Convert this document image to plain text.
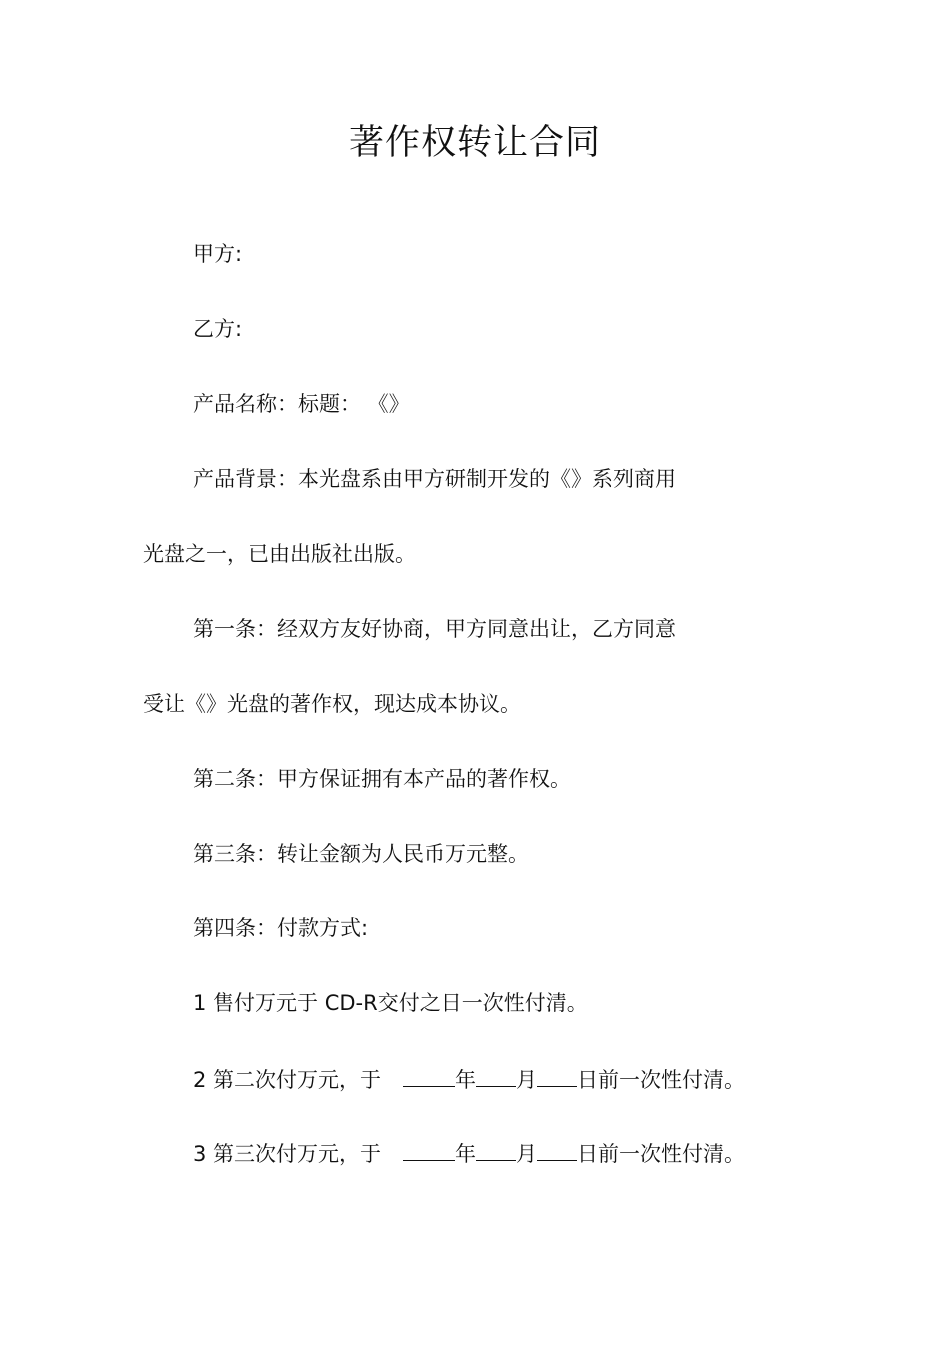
著作权转让合同
甲方:
乙方:
产品名称：标题： 《》
产品背景：本光盘系由甲方研制开发的《》系列商用
光盘之一，已由出版社出版。
第一条：经双方友好协商，甲方同意出让，乙方同意
受让《》光盘的著作权，现达成本协议。
第二条：甲方保证拥有本产品的著作权。
第三条：转让金额为人民币万元整。
第四条：付款方式:
1 售付万元于 CD-R交付之日一次性付清。
2 第二次付万元，于	年 月 日前一次性付清。
3 第三次付万元，于	年 月 日前一次性付清。
